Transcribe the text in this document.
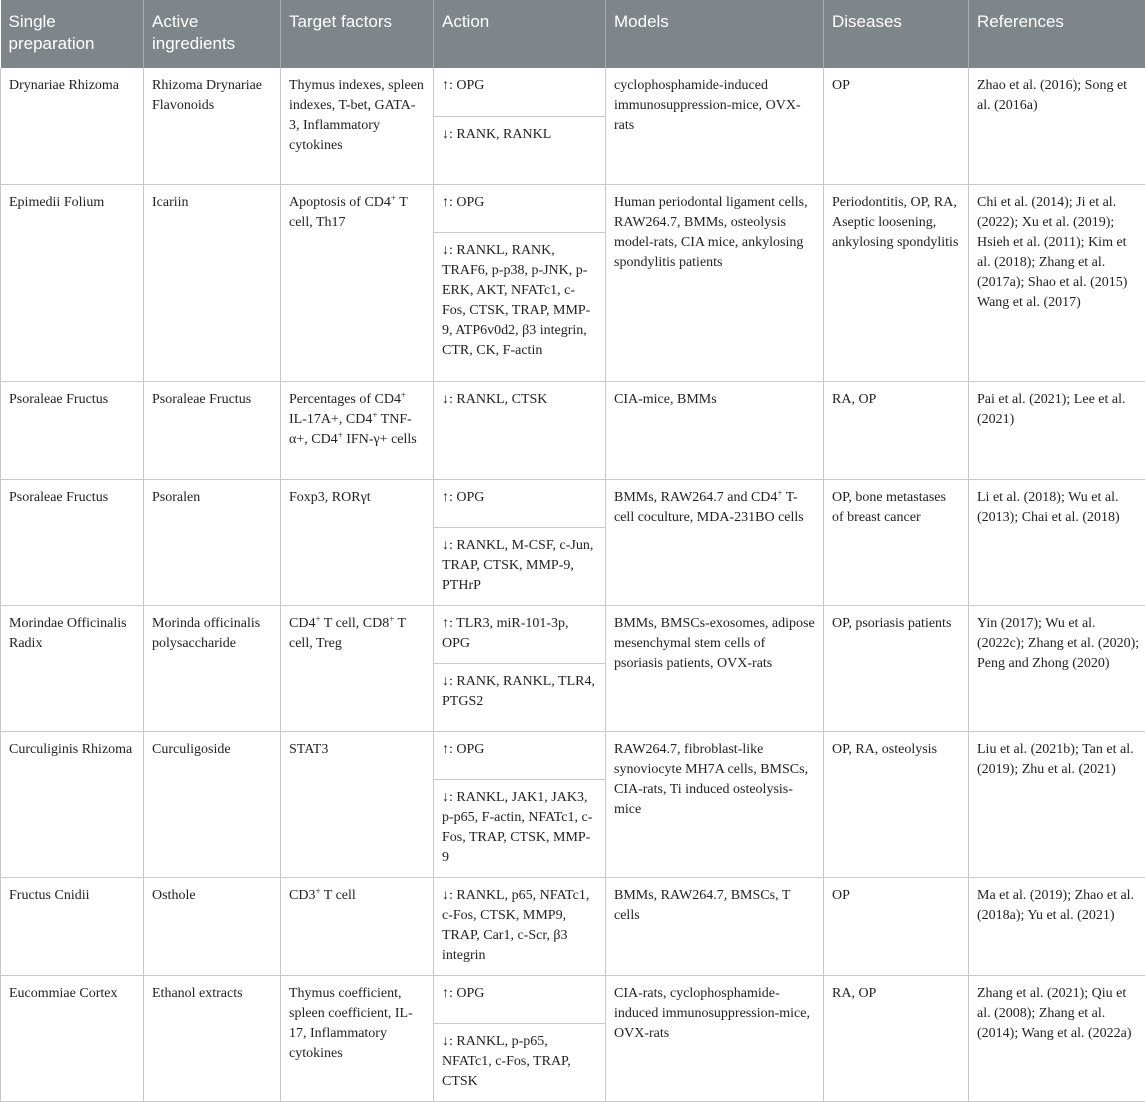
Single preparation	Active ingredients	Target factors	Action	Models	Diseases	References
Drynariae Rhizoma	Rhizoma Drynariae Flavonoids	Thymus indexes, spleen indexes, T-bet, GATA-3, Inflammatory cytokines	↑: OPG	cyclophosphamide-induced immunosuppression-mice, OVX-rats	OP	Zhao et al. (2016); Song et al. (2016a)
			↓: RANK, RANKL			
Epimedii Folium	Icariin	Apoptosis of CD4+ T cell, Th17	↑: OPG	Human periodontal ligament cells, RAW264.7, BMMs, osteolysis model-rats, CIA mice, ankylosing spondylitis patients	Periodontitis, OP, RA, Aseptic loosening, ankylosing spondylitis	Chi et al. (2014); Ji et al. (2022); Xu et al. (2019); Hsieh et al. (2011); Kim et al. (2018); Zhang et al. (2017a); Shao et al. (2015) Wang et al. (2017)
			↓: RANKL, RANK, TRAF6, p-p38, p-JNK, p-ERK, AKT, NFATc1, c-Fos, CTSK, TRAP, MMP-9, ATP6v0d2, β3 integrin, CTR, CK, F-actin			
Psoraleae Fructus	Psoraleae Fructus	Percentages of CD4+ IL-17A+, CD4+ TNF-α+, CD4+ IFN-γ+ cells	↓: RANKL, CTSK	CIA-mice, BMMs	RA, OP	Pai et al. (2021); Lee et al. (2021)
Psoraleae Fructus	Psoralen	Foxp3, RORγt	↑: OPG	BMMs, RAW264.7 and CD4+ T-cell coculture, MDA-231BO cells	OP, bone metastases of breast cancer	Li et al. (2018); Wu et al. (2013); Chai et al. (2018)
			↓: RANKL, M-CSF, c-Jun, TRAP, CTSK, MMP-9, PTHrP			
Morindae Officinalis Radix	Morinda officinalis polysaccharide	CD4+ T cell, CD8+ T cell, Treg	↑: TLR3, miR-101-3p, OPG	BMMs, BMSCs-exosomes, adipose mesenchymal stem cells of psoriasis patients, OVX-rats	OP, psoriasis patients	Yin (2017); Wu et al. (2022c); Zhang et al. (2020); Peng and Zhong (2020)
			↓: RANK, RANKL, TLR4, PTGS2			
Curculiginis Rhizoma	Curculigoside	STAT3	↑: OPG	RAW264.7, fibroblast-like synoviocyte MH7A cells, BMSCs, CIA-rats, Ti induced osteolysis-mice	OP, RA, osteolysis	Liu et al. (2021b); Tan et al. (2019); Zhu et al. (2021)
			↓: RANKL, JAK1, JAK3, p-p65, F-actin, NFATc1, c-Fos, TRAP, CTSK, MMP-9			
Fructus Cnidii	Osthole	CD3+ T cell	↓: RANKL, p65, NFATc1, c-Fos, CTSK, MMP9, TRAP, Car1, c-Scr, β3 integrin	BMMs, RAW264.7, BMSCs, T cells	OP	Ma et al. (2019); Zhao et al. (2018a); Yu et al. (2021)
Eucommiae Cortex	Ethanol extracts	Thymus coefficient, spleen coefficient, IL-17, Inflammatory cytokines	↑: OPG	CIA-rats, cyclophosphamide-induced immunosuppression-mice, OVX-rats	RA, OP	Zhang et al. (2021); Qiu et al. (2008); Zhang et al. (2014); Wang et al. (2022a)
			↓: RANKL, p-p65, NFATc1, c-Fos, TRAP, CTSK			
